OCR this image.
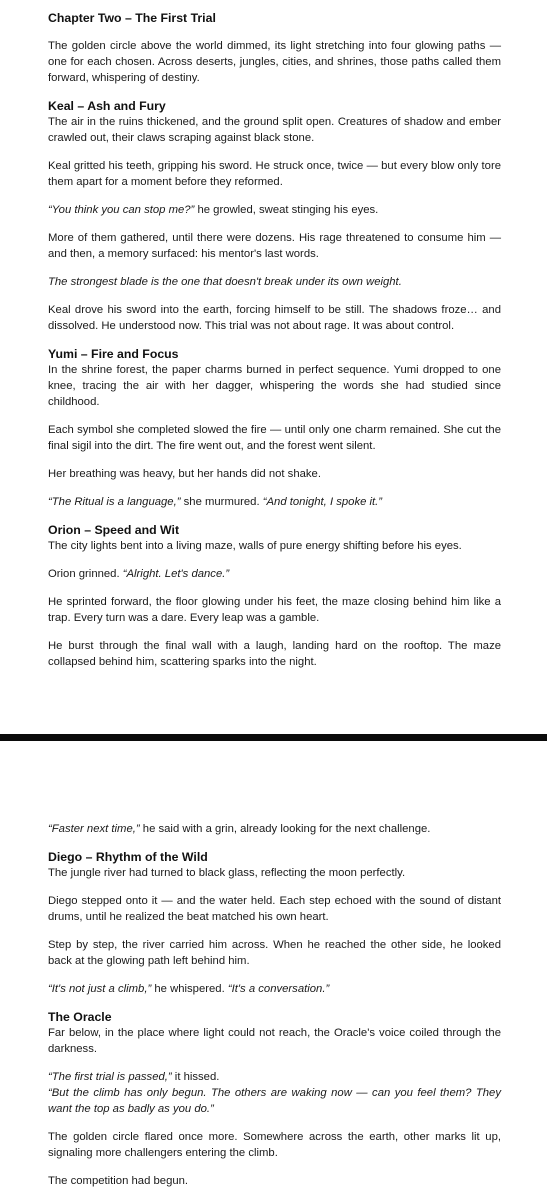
Chapter Two – The First Trial

The golden circle above the world dimmed, its light stretching into four glowing paths — one for each chosen. Across deserts, jungles, cities, and shrines, those paths called them forward, whispering of destiny.

Keal – Ash and Fury

The air in the ruins thickened, and the ground split open. Creatures of shadow and ember crawled out, their claws scraping against black stone.

Keal gritted his teeth, gripping his sword. He struck once, twice — but every blow only tore them apart for a moment before they reformed.

“You think you can stop me?” he growled, sweat stinging his eyes.

More of them gathered, until there were dozens. His rage threatened to consume him — and then, a memory surfaced: his mentor's last words.

The strongest blade is the one that doesn't break under its own weight.

Keal drove his sword into the earth, forcing himself to be still. The shadows froze… and dissolved. He understood now. This trial was not about rage. It was about control.

Yumi – Fire and Focus

In the shrine forest, the paper charms burned in perfect sequence. Yumi dropped to one knee, tracing the air with her dagger, whispering the words she had studied since childhood.

Each symbol she completed slowed the fire — until only one charm remained. She cut the final sigil into the dirt. The fire went out, and the forest went silent.

Her breathing was heavy, but her hands did not shake.

“The Ritual is a language,” she murmured. “And tonight, I spoke it.”

Orion – Speed and Wit

The city lights bent into a living maze, walls of pure energy shifting before his eyes.

Orion grinned. “Alright. Let's dance.”

He sprinted forward, the floor glowing under his feet, the maze closing behind him like a trap. Every turn was a dare. Every leap was a gamble.

He burst through the final wall with a laugh, landing hard on the rooftop. The maze collapsed behind him, scattering sparks into the night.

“Faster next time,” he said with a grin, already looking for the next challenge.

Diego – Rhythm of the Wild

The jungle river had turned to black glass, reflecting the moon perfectly.

Diego stepped onto it — and the water held. Each step echoed with the sound of distant drums, until he realized the beat matched his own heart.

Step by step, the river carried him across. When he reached the other side, he looked back at the glowing path left behind him.

“It's not just a climb,” he whispered. “It's a conversation.”

The Oracle

Far below, in the place where light could not reach, the Oracle's voice coiled through the darkness.

“The first trial is passed,” it hissed.

“But the climb has only begun. The others are waking now — can you feel them? They want the top as badly as you do.”

The golden circle flared once more. Somewhere across the earth, other marks lit up, signaling more challengers entering the climb.

The competition had begun.
